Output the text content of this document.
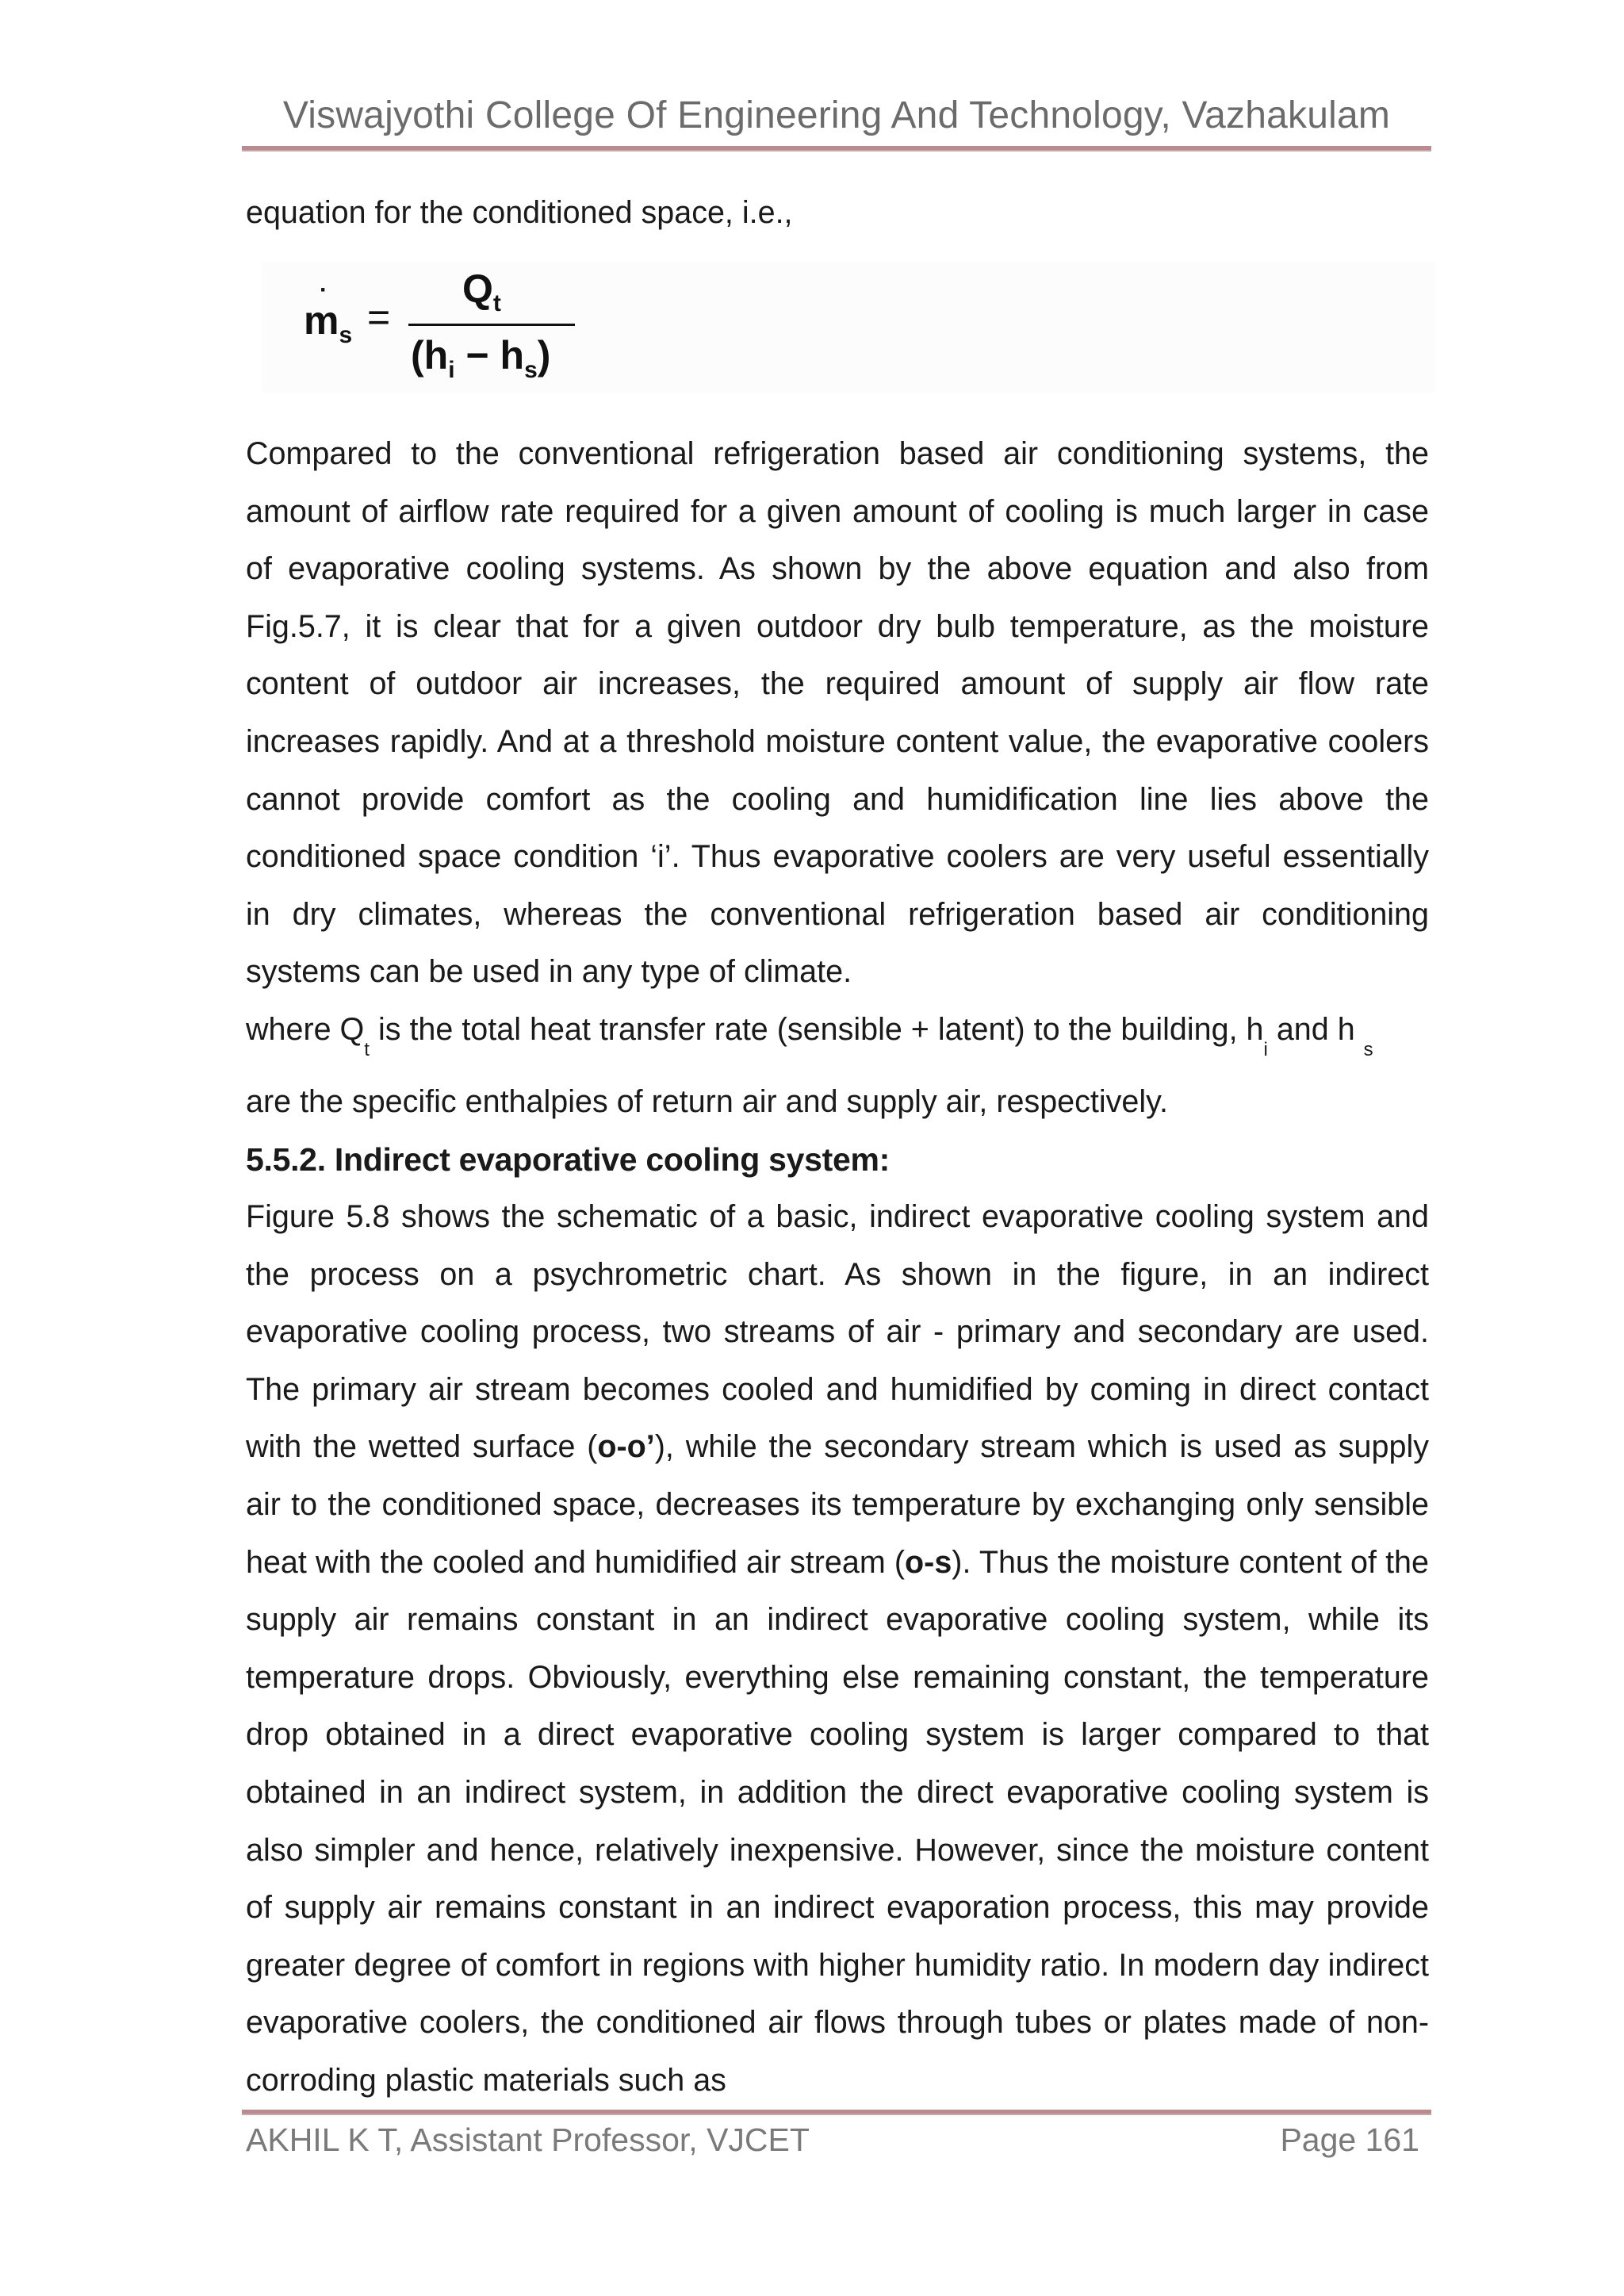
Viswajyothi College Of Engineering And Technology, Vazhakulam
equation for the conditioned space, i.e.,
·
$m_s$ =
$Q_t$
$(h_i - h_s)$
Compared to the conventional refrigeration based air conditioning systems, the amount of airflow rate required for a given amount of cooling is much larger in case of evaporative cooling systems. As shown by the above equation and also from Fig.5.7, it is clear that for a given outdoor dry bulb temperature, as the moisture content of outdoor air increases, the required amount of supply air flow rate increases rapidly. And at a threshold moisture content value, the evaporative coolers cannot provide comfort as the cooling and humidification line lies above the conditioned space condition ‘i’. Thus evaporative coolers are very useful essentially in dry climates, whereas the conventional refrigeration based air conditioning systems can be used in any type of climate.
where $Q_t$ is the total heat transfer rate (sensible + latent) to the building, $h_i$ and h $_s$
are the specific enthalpies of return air and supply air, respectively.
5.5.2. Indirect evaporative cooling system:
Figure 5.8 shows the schematic of a basic, indirect evaporative cooling system and the process on a psychrometric chart. As shown in the figure, in an indirect evaporative cooling process, two streams of air - primary and secondary are used. The primary air stream becomes cooled and humidified by coming in direct contact with the wetted surface (o-o’), while the secondary stream which is used as supply air to the conditioned space, decreases its temperature by exchanging only sensible heat with the cooled and humidified air stream (o-s). Thus the moisture content of the supply air remains constant in an indirect evaporative cooling system, while its temperature drops. Obviously, everything else remaining constant, the temperature drop obtained in a direct evaporative cooling system is larger compared to that obtained in an indirect system, in addition the direct evaporative cooling system is also simpler and hence, relatively inexpensive. However, since the moisture content of supply air remains constant in an indirect evaporation process, this may provide greater degree of comfort in regions with higher humidity ratio. In modern day indirect evaporative coolers, the conditioned air flows through tubes or plates made of non-corroding plastic materials such as
AKHIL K T, Assistant Professor, VJCET	Page 161
